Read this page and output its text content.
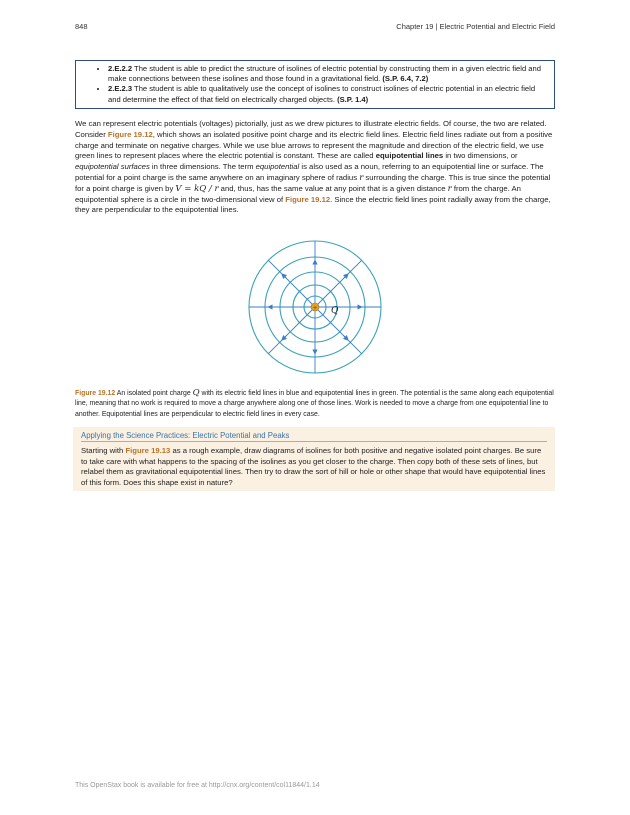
848	Chapter 19 | Electric Potential and Electric Field
• 2.E.2.2 The student is able to predict the structure of isolines of electric potential by constructing them in a given electric field and make connections between these isolines and those found in a gravitational field. (S.P. 6.4, 7.2)
• 2.E.2.3 The student is able to qualitatively use the concept of isolines to construct isolines of electric potential in an electric field and determine the effect of that field on electrically charged objects. (S.P. 1.4)
We can represent electric potentials (voltages) pictorially, just as we drew pictures to illustrate electric fields. Of course, the two are related. Consider Figure 19.12, which shows an isolated positive point charge and its electric field lines. Electric field lines radiate out from a positive charge and terminate on negative charges. While we use blue arrows to represent the magnitude and direction of the electric field, we use green lines to represent places where the electric potential is constant. These are called equipotential lines in two dimensions, or equipotential surfaces in three dimensions. The term equipotential is also used as a noun, referring to an equipotential line or surface. The potential for a point charge is the same anywhere on an imaginary sphere of radius r surrounding the charge. This is true since the potential for a point charge is given by V = kQ / r and, thus, has the same value at any point that is a given distance r from the charge. An equipotential sphere is a circle in the two-dimensional view of Figure 19.12. Since the electric field lines point radially away from the charge, they are perpendicular to the equipotential lines.
+ Q
Figure 19.12 An isolated point charge Q with its electric field lines in blue and equipotential lines in green. The potential is the same along each equipotential line, meaning that no work is required to move a charge anywhere along one of those lines. Work is needed to move a charge from one equipotential line to another. Equipotential lines are perpendicular to electric field lines in every case.
Applying the Science Practices: Electric Potential and Peaks
Starting with Figure 19.13 as a rough example, draw diagrams of isolines for both positive and negative isolated point charges. Be sure to take care with what happens to the spacing of the isolines as you get closer to the charge. Then copy both of these sets of lines, but relabel them as gravitational equipotential lines. Then try to draw the sort of hill or hole or other shape that would have equipotential lines of this form. Does this shape exist in nature?
This OpenStax book is available for free at http://cnx.org/content/col11844/1.14
